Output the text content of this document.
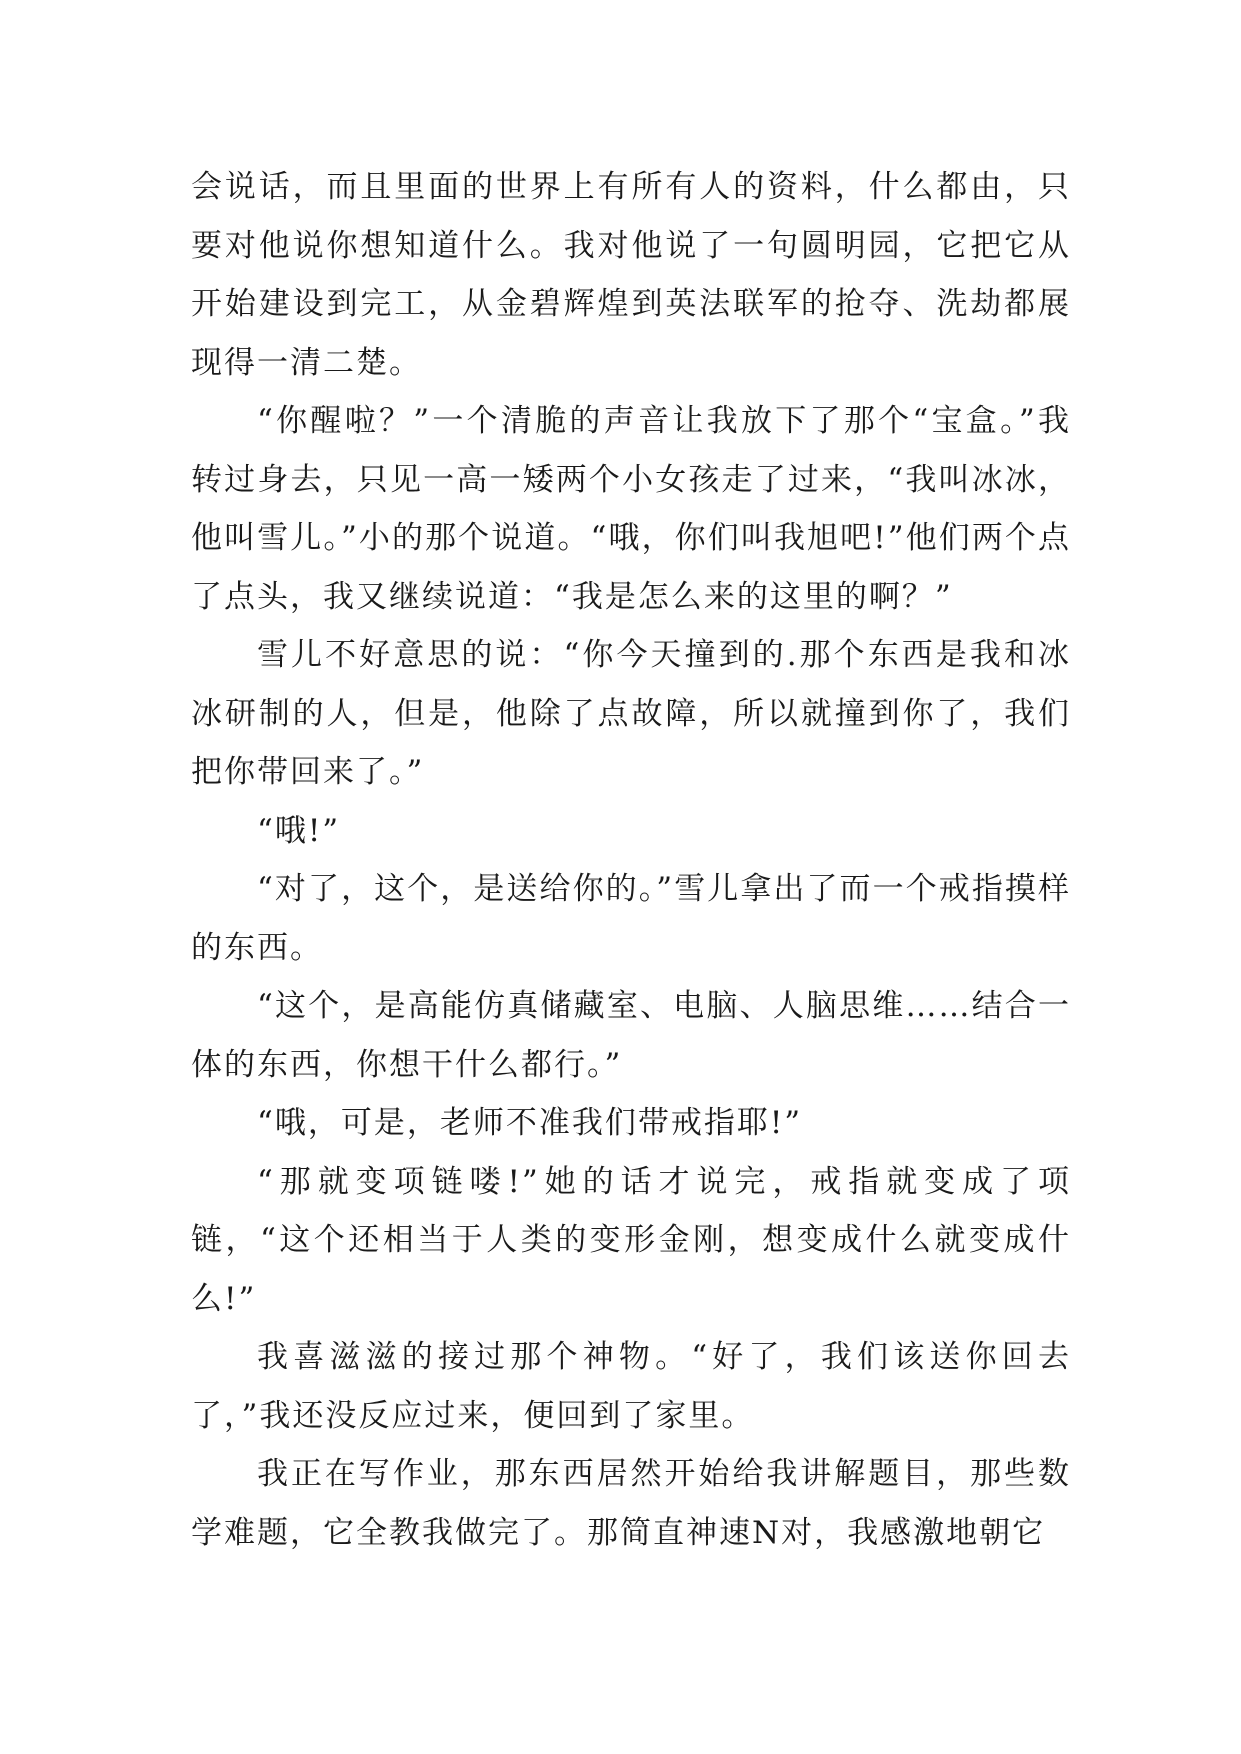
会说话，而且里面的世界上有所有人的资料，什么都由，只要对他说你想知道什么。我对他说了一句圆明园，它把它从开始建设到完工，从金碧辉煌到英法联军的抢夺、洗劫都展现得一清二楚。

“你醒啦？”一个清脆的声音让我放下了那个“宝盒。”我转过身去，只见一高一矮两个小女孩走了过来，“我叫冰冰，他叫雪儿。”小的那个说道。“哦，你们叫我旭吧!”他们两个点了点头，我又继续说道：“我是怎么来的这里的啊？”

雪儿不好意思的说：“你今天撞到的.那个东西是我和冰冰研制的人，但是，他除了点故障，所以就撞到你了，我们把你带回来了。”

“哦!”

“对了，这个，是送给你的。”雪儿拿出了而一个戒指摸样的东西。

“这个，是高能仿真储藏室、电脑、人脑思维……结合一体的东西，你想干什么都行。”

“哦，可是，老师不准我们带戒指耶!”

“那就变项链喽!”她的话才说完，戒指就变成了项链，“这个还相当于人类的变形金刚，想变成什么就变成什么!”

我喜滋滋的接过那个神物。“好了，我们该送你回去了，”我还没反应过来，便回到了家里。

我正在写作业，那东西居然开始给我讲解题目，那些数学难题，它全教我做完了。那简直神速N对，我感激地朝它
